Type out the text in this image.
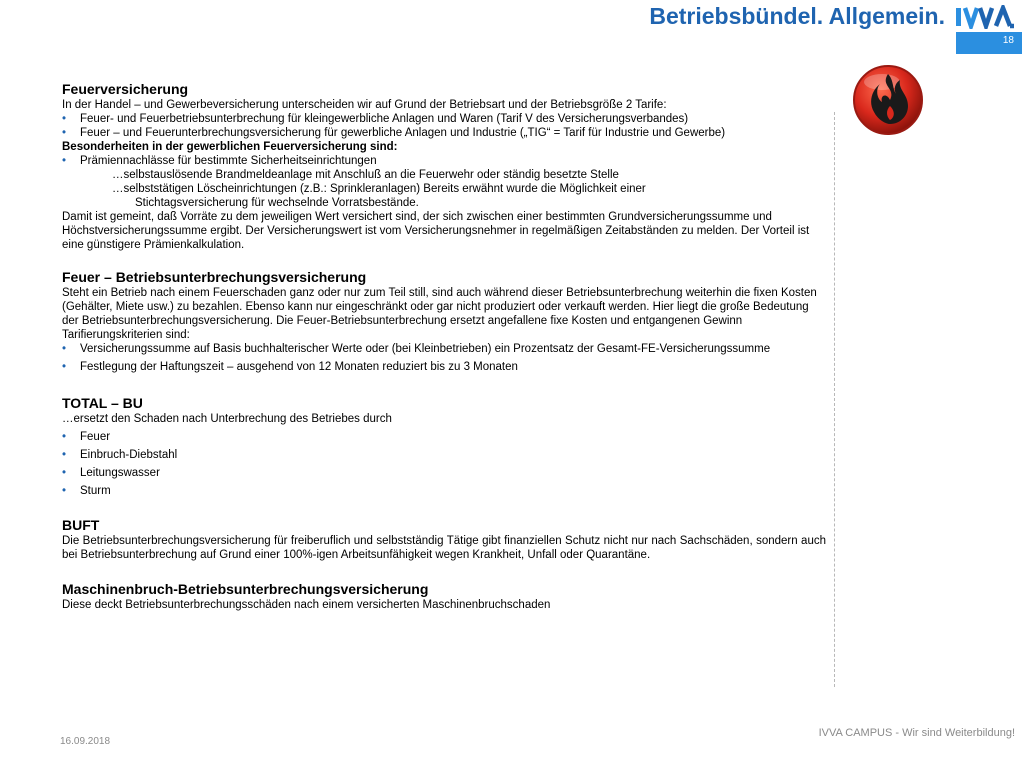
Betriebsbündel. Allgemein.
18
Feuerversicherung

In der Handel – und Gewerbeversicherung unterscheiden wir auf Grund der Betriebsart und der Betriebsgröße 2 Tarife:

• Feuer- und Feuerbetriebsunterbrechung für kleingewerbliche Anlagen und Waren (Tarif V des Versicherungsverbandes)
• Feuer – und Feuerunterbrechungsversicherung für gewerbliche Anlagen und Industrie („TIG“ = Tarif für Industrie und Gewerbe)

Besonderheiten in der gewerblichen Feuerversicherung sind:

• Prämiennachlässe für bestimmte Sicherheitseinrichtungen

…selbstauslösende Brandmeldeanlage mit Anschluß an die Feuerwehr oder ständig besetzte Stelle

…selbststätigen Löscheinrichtungen (z.B.: Sprinkleranlagen) Bereits erwähnt wurde die Möglichkeit einer

Stichtagsversicherung für wechselnde Vorratsbestände.

Damit ist gemeint, daß Vorräte zu dem jeweiligen Wert versichert sind, der sich zwischen einer bestimmten Grundversicherungssumme und Höchstversicherungssumme ergibt. Der Versicherungswert ist vom Versicherungsnehmer in regelmäßigen Zeitabständen zu melden. Der Vorteil ist eine günstigere Prämienkalkulation.

Feuer – Betriebsunterbrechungsversicherung

Steht ein Betrieb nach einem Feuerschaden ganz oder nur zum Teil still, sind auch während dieser Betriebsunterbrechung weiterhin die fixen Kosten (Gehälter, Miete usw.) zu bezahlen. Ebenso kann nur eingeschränkt oder gar nicht produziert oder verkauft werden. Hier liegt die große Bedeutung der Betriebsunterbrechungsversicherung. Die Feuer-Betriebsunterbrechung ersetzt angefallene fixe Kosten und entgangenen Gewinn Tarifierungskriterien sind:

• Versicherungssumme auf Basis buchhalterischer Werte oder (bei Kleinbetrieben) ein Prozentsatz der Gesamt-FE-Versicherungssumme
• Festlegung der Haftungszeit – ausgehend von 12 Monaten reduziert bis zu 3 Monaten
TOTAL – BU

…ersetzt den Schaden nach Unterbrechung des Betriebes durch

• Feuer
• Einbruch-Diebstahl
• Leitungswasser
• Sturm
BUFT

Die Betriebsunterbrechungsversicherung für freiberuflich und selbstständig Tätige gibt finanziellen Schutz nicht nur nach Sachschäden, sondern auch bei Betriebsunterbrechung auf Grund einer 100%-igen Arbeitsunfähigkeit wegen Krankheit, Unfall oder Quarantäne.

Maschinenbruch-Betriebsunterbrechungsversicherung

Diese deckt Betriebsunterbrechungsschäden nach einem versicherten Maschinenbruchschaden

16.09.2018
IVVA CAMPUS - Wir sind Weiterbildung!
